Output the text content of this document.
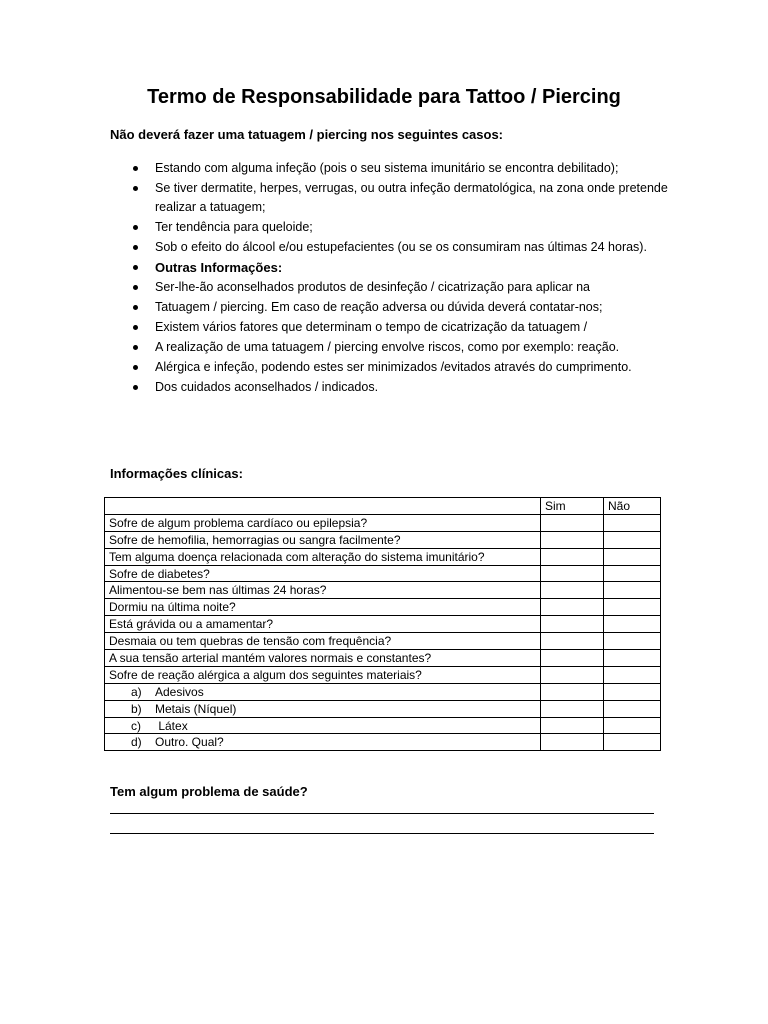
Termo de Responsabilidade para Tattoo / Piercing

Não deverá fazer uma tatuagem / piercing nos seguintes casos:

Estando com alguma infeção (pois o seu sistema imunitário se encontra debilitado);
Se tiver dermatite, herpes, verrugas, ou outra infeção dermatológica, na zona onde pretende realizar a tatuagem;
Ter tendência para queloide;
Sob o efeito do álcool e/ou estupefacientes (ou se os consumiram nas últimas 24 horas).
Outras Informações:
Ser-lhe-ão aconselhados produtos de desinfeção / cicatrização para aplicar na
Tatuagem / piercing. Em caso de reação adversa ou dúvida deverá contatar-nos;
Existem vários fatores que determinam o tempo de cicatrização da tatuagem /
A realização de uma tatuagem / piercing envolve riscos, como por exemplo: reação.
Alérgica e infeção, podendo estes ser minimizados /evitados através do cumprimento.
Dos cuidados aconselhados / indicados.

Informações clínicas:

	Sim	Não
Sofre de algum problema cardíaco ou epilepsia?		
Sofre de hemofilia, hemorragias ou sangra facilmente?		
Tem alguma doença relacionada com alteração do sistema imunitário?		
Sofre de diabetes?		
Alimentou-se bem nas últimas 24 horas?		
Dormiu na última noite?		
Está grávida ou a amamentar?		
Desmaia ou tem quebras de tensão com frequência?		
A sua tensão arterial mantém valores normais e constantes?		
Sofre de reação alérgica a algum dos seguintes materiais?		
a) Adesivos		
b) Metais (Níquel)		
c) Látex		
d) Outro. Qual?		

Tem algum problema de saúde?
